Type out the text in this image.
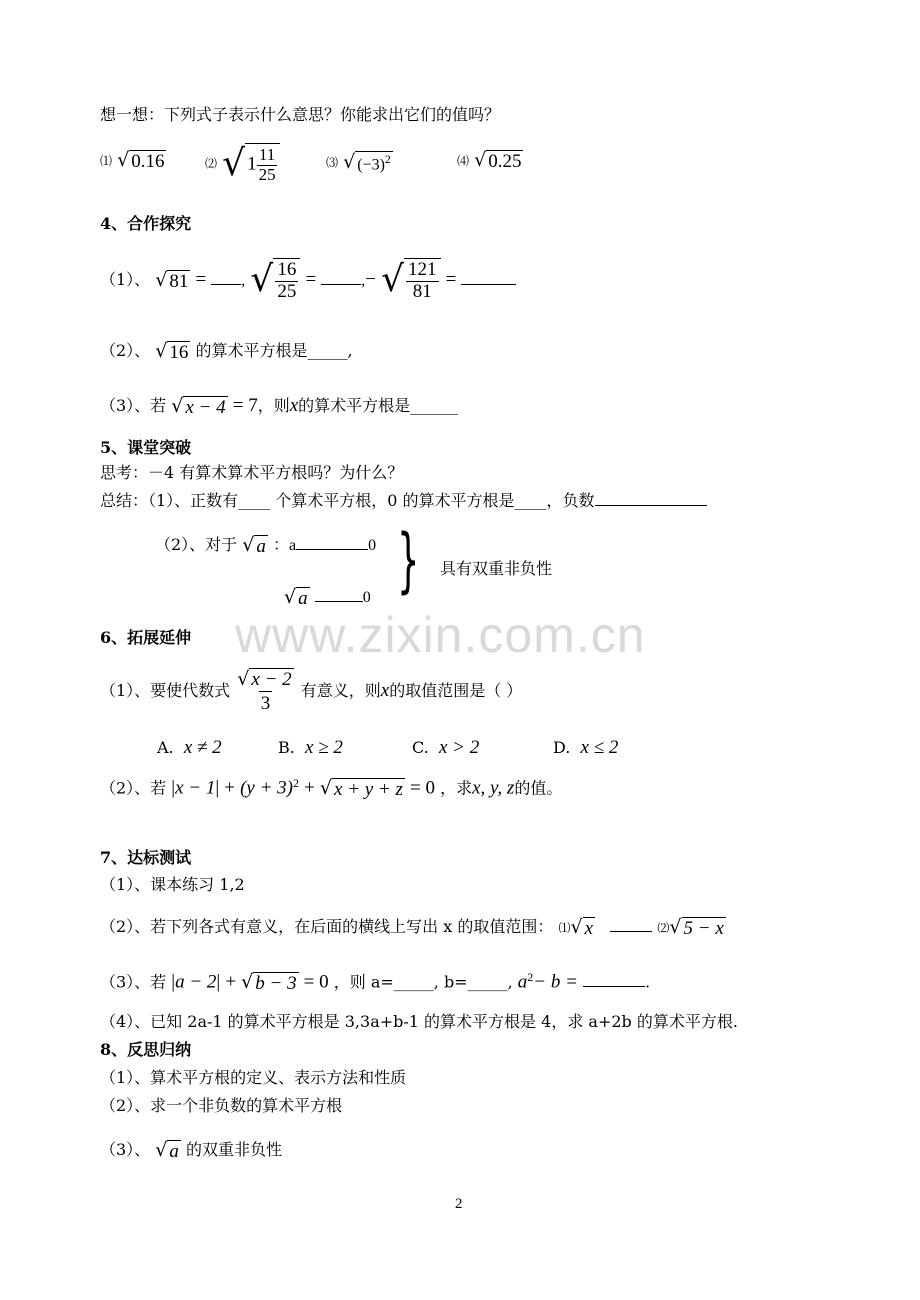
想一想：下列式子表示什么意思？你能求出它们的值吗？
⑴ √ 0.16	⑵ √ $1 \frac{11}{25}$	⑶ √ $(-3)^2$	⑷ √ 0.25
4、合作探究
（1）、 √ 81 = , √ $\frac{16}{25}$ =	,− √ $\frac{121}{81}$ =
（2）、 √ 16 的算术平方根是_____,
（3）、若 √ x − 4 = 7，则x的算术平方根是______
5、课堂突破
思考：－4 有算术算术平方根吗？为什么？
总结：（1）、正数有____ 个算术平方根，0 的算术平方根是____，负数
（2）、对于 √ a ：a	0
√ a	0 } 具有双重非负性
www.zixin.com.cn
6、拓展延伸
（1）、要使代数式 $\frac{√ x - 2}{3}$ 有意义，则x的取值范围是（ ）
A. x ≠ 2	B. x ≥ 2	C. x > 2	D. x ≤ 2
（2）、若 $|x - 1| + (y + 3)^2$ + √ x + y + z = 0 ，求x, y, z的值。
7、达标测试
（1）、课本练习 1,2
（2）、若下列各式有意义，在后面的横线上写出 x 的取值范围： ⑴√ x	⑵√ 5 − x
（3）、若 |a − 2| + √ b − 3 = 0 ，则 a=_____, b=_____, $a^2- b$ =	.
（4）、已知 2a-1 的算术平方根是 3,3a+b-1 的算术平方根是 4，求 a+2b 的算术平方根.
8、反思归纳
（1）、算术平方根的定义、表示方法和性质
（2）、求一个非负数的算术平方根
（3）、 √ a 的双重非负性
2
